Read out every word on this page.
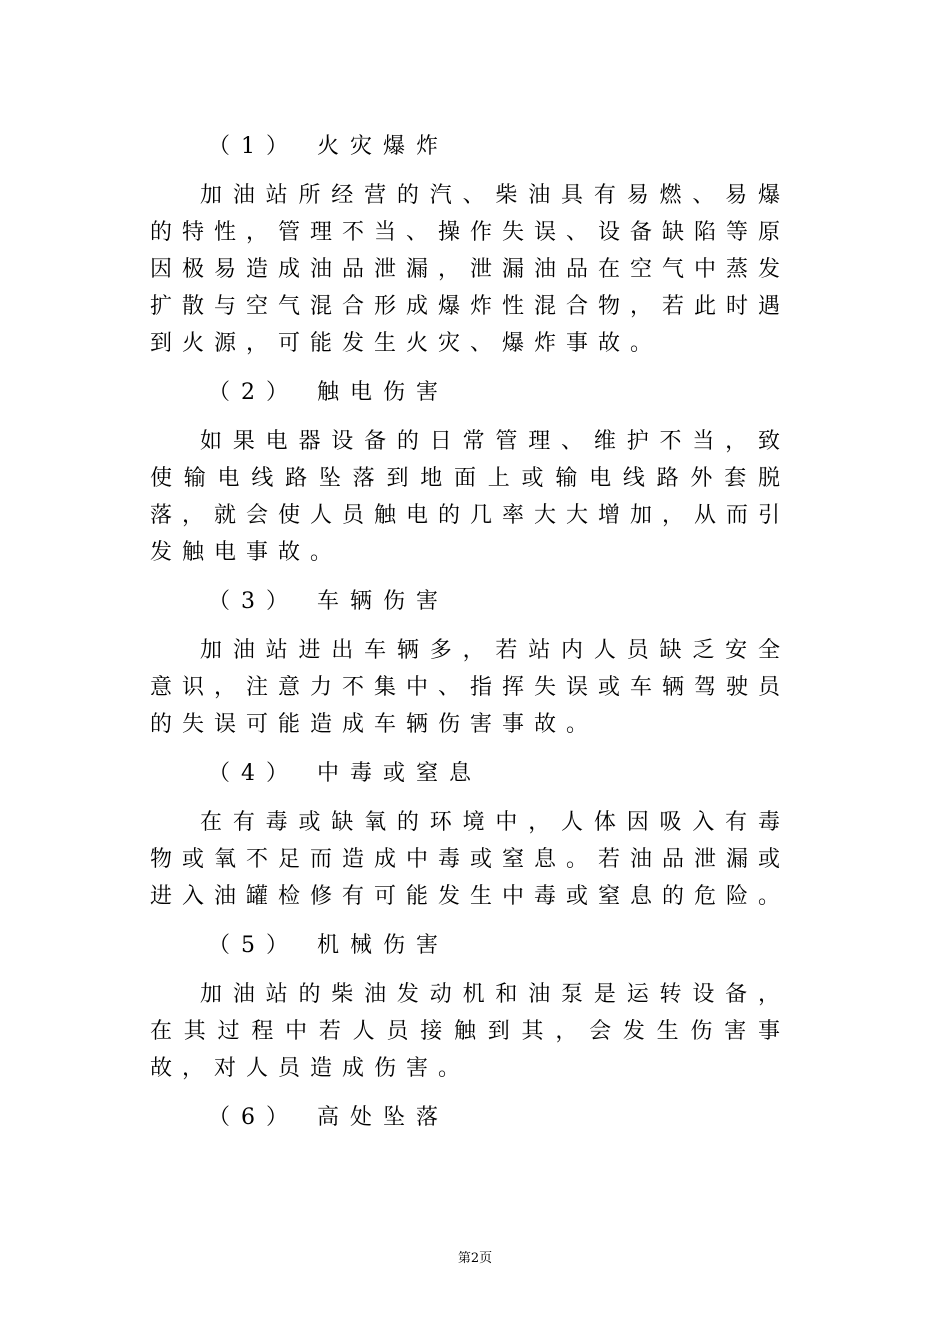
（1） 火灾爆炸

加油站所经营的汽、柴油具有易燃、易爆的特性，管理不当、操作失误、设备缺陷等原因极易造成油品泄漏，泄漏油品在空气中蒸发扩散与空气混合形成爆炸性混合物，若此时遇到火源，可能发生火灾、爆炸事故。

（2） 触电伤害

如果电器设备的日常管理、维护不当，致使输电线路坠落到地面上或输电线路外套脱落，就会使人员触电的几率大大增加，从而引发触电事故。

（3） 车辆伤害

加油站进出车辆多，若站内人员缺乏安全意识，注意力不集中、指挥失误或车辆驾驶员的失误可能造成车辆伤害事故。

（4） 中毒或窒息

在有毒或缺氧的环境中，人体因吸入有毒物或氧不足而造成中毒或窒息。若油品泄漏或进入油罐检修有可能发生中毒或窒息的危险。

（5） 机械伤害

加油站的柴油发动机和油泵是运转设备，在其过程中若人员接触到其，会发生伤害事故，对人员造成伤害。

（6） 高处坠落
第2页
